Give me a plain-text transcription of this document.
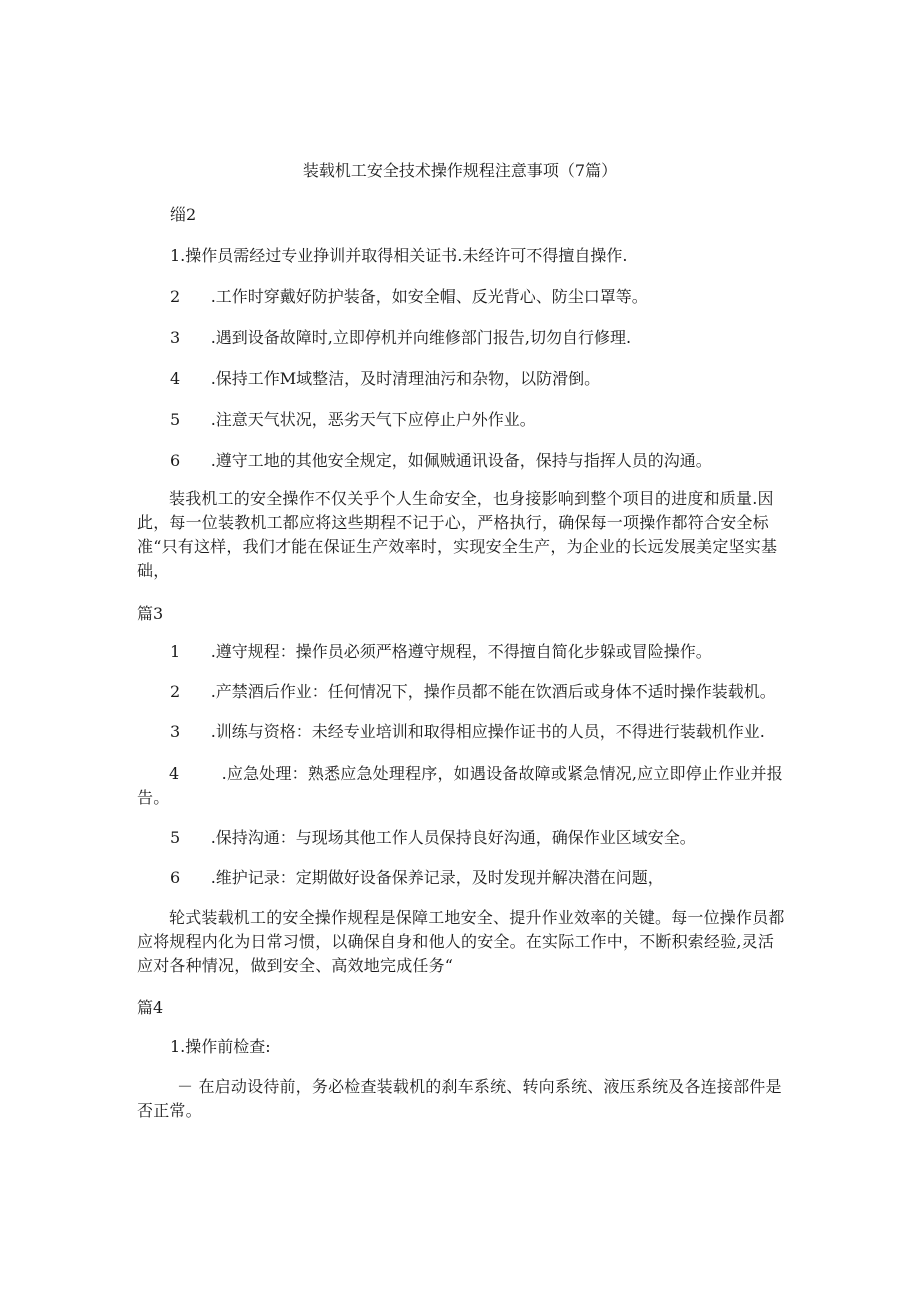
装载机工安全技术操作规程注意事项（7篇）
缁2
1.操作员需经过专业挣训并取得相关证书.未经许可不得擅自操作.
2	.工作时穿戴好防护装备，如安全帽、反光背心、防尘口罩等。
3	.遇到设备故障时,立即停机并向维修部门报告,切勿自行修理.
4	.保持工作M域整洁，及时清理油污和杂物，以防滑倒。
5	.注意天气状况，恶劣天气下应停止户外作业。
6	.遵守工地的其他安全规定，如佩贼通讯设备，保持与指挥人员的沟通。
装我机工的安全操作不仅关乎个人生命安全，也身接影响到整个项目的进度和质量.因此，每一位装教机工都应将这些期程不记于心，严格执行，确保每一项操作都符合安全标准“只有这样，我们才能在保证生产效率时，实现安全生产，为企业的长远发展美定坚实基础，
篇3
1	.遵守规程：操作员必须严格遵守规程，不得擅自简化步躲或冒险操作。
2	.产禁酒后作业：任何情况下，操作员都不能在饮酒后或身体不适时操作装载机。
3	.训练与资格：未经专业培训和取得相应操作证书的人员，不得进行装载机作业.
4	.应急处理：熟悉应急处理程序，如遇设备故障或紧急情况,应立即停止作业并报告。
5	.保持沟通：与现场其他工作人员保持良好沟通，确保作业区域安全。
6	.维护记录：定期做好设备保养记录，及时发现并解决潜在问题，
轮式装载机工的安全操作规程是保障工地安全、提升作业效率的关键。每一位操作员都应将规程内化为日常习惯，以确保自身和他人的安全。在实际工作中，不断积索经验,灵活应对各种情况，做到安全、高效地完成任务“
篇4
1.操作前检查:
－ 在启动设待前，务必检查装载机的刹车系统、转向系统、液压系统及各连接部件是否正常。
